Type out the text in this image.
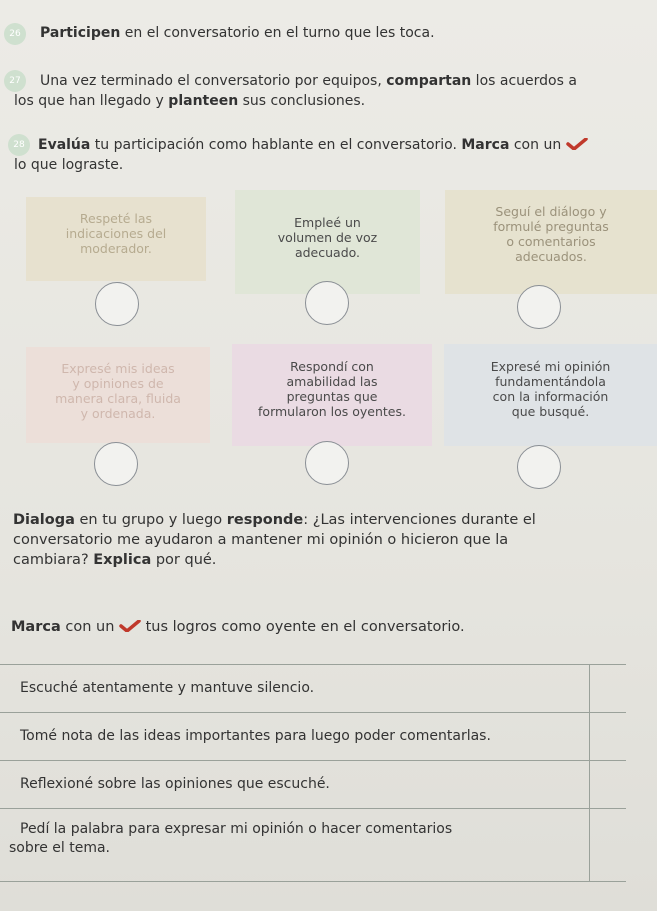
26	Participen en el conversatorio en el turno que les toca.
27	Una vez terminado el conversatorio por equipos, compartan los acuerdos a
los que han llegado y planteen sus conclusiones.
28 Evalúa tu participación como hablante en el conversatorio. Marca con un
lo que lograste.
Respeté las
indicaciones del
moderador.
Empleé un
volumen de voz
adecuado.
Seguí el diálogo y
formulé preguntas
o comentarios
adecuados.
Expresé mis ideas
y opiniones de
manera clara, fluida
y ordenada.
Respondí con
amabilidad las
preguntas que
formularon los oyentes.
Expresé mi opinión
fundamentándola
con la información
que busqué.
Dialoga en tu grupo y luego responde: ¿Las intervenciones durante el
conversatorio me ayudaron a mantener mi opinión o hicieron que la
cambiara? Explica por qué.
Marca con un  tus logros como oyente en el conversatorio.
Escuché atentamente y mantuve silencio.
Tomé nota de las ideas importantes para luego poder comentarlas.
Reflexioné sobre las opiniones que escuché.
Pedí la palabra para expresar mi opinión o hacer comentarios
sobre el tema.
